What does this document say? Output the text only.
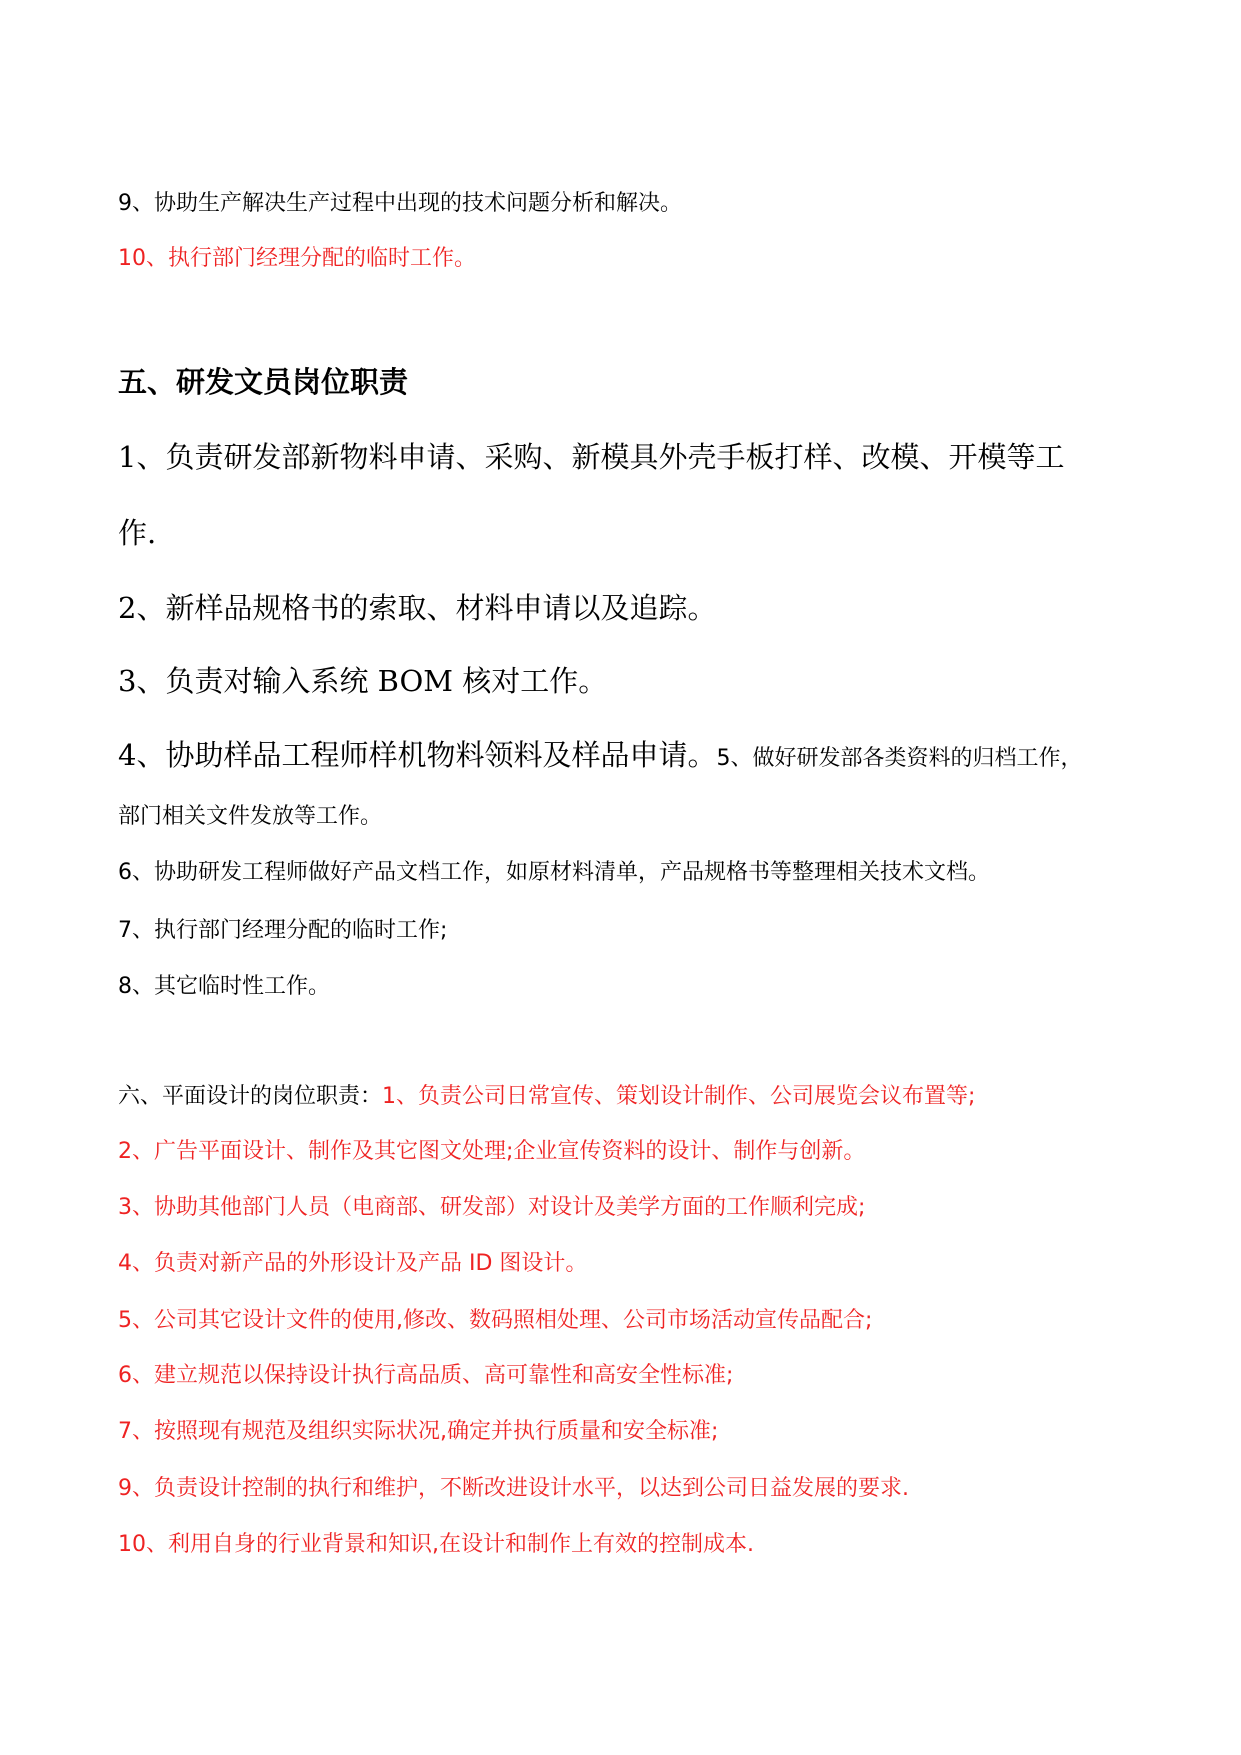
9、协助生产解决生产过程中出现的技术问题分析和解决。
10、执行部门经理分配的临时工作。
五、研发文员岗位职责
1、负责研发部新物料申请、采购、新模具外壳手板打样、改模、开模等工
作.
2、新样品规格书的索取、材料申请以及追踪。
3、负责对输入系统 BOM 核对工作。
4、协助样品工程师样机物料领料及样品申请。5、做好研发部各类资料的归档工作，
部门相关文件发放等工作。
6、协助研发工程师做好产品文档工作，如原材料清单，产品规格书等整理相关技术文档。
7、执行部门经理分配的临时工作;
8、其它临时性工作。
六、平面设计的岗位职责：1、负责公司日常宣传、策划设计制作、公司展览会议布置等;
2、广告平面设计、制作及其它图文处理;企业宣传资料的设计、制作与创新。
3、协助其他部门人员（电商部、研发部）对设计及美学方面的工作顺利完成;
4、负责对新产品的外形设计及产品 ID 图设计。
5、公司其它设计文件的使用,修改、数码照相处理、公司市场活动宣传品配合;
6、建立规范以保持设计执行高品质、高可靠性和高安全性标准;
7、按照现有规范及组织实际状况,确定并执行质量和安全标准;
9、负责设计控制的执行和维护，不断改进设计水平，以达到公司日益发展的要求.
10、利用自身的行业背景和知识,在设计和制作上有效的控制成本.
